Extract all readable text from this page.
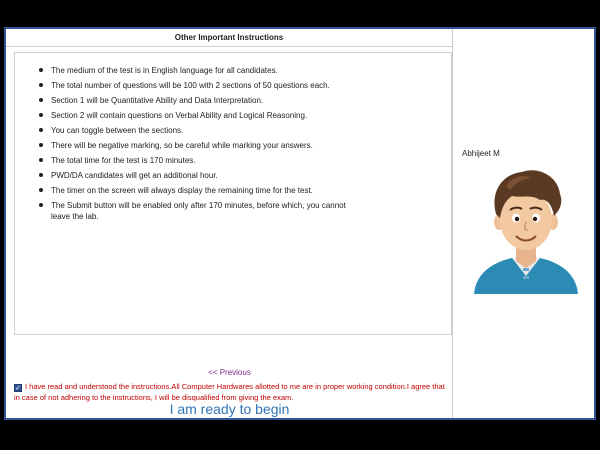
Other Important Instructions
The medium of the test is in English language for all candidates.
The total number of questions will be 100 with 2 sections of 50 questions each.
Section 1 will be Quantitative Ability and Data Interpretation.
Section 2 will contain questions on Verbal Ability and Logical Reasoning.
You can toggle between the sections.
There will be negative marking, so be careful while marking your answers.
The total time for the test is 170 minutes.
PWD/DA candidates will get an additional hour.
The timer on the screen will always display the remaining time for the test.
The Submit button will be enabled only after 170 minutes, before which, you cannot leave the lab.
<< Previous
✓ I have read and understood the instructions.All Computer Hardwares allotted to me are in proper working condition.I agree that in case of not adhering to the instructions, I will be disqualified from giving the exam.
I am ready to begin
Abhijeet M
